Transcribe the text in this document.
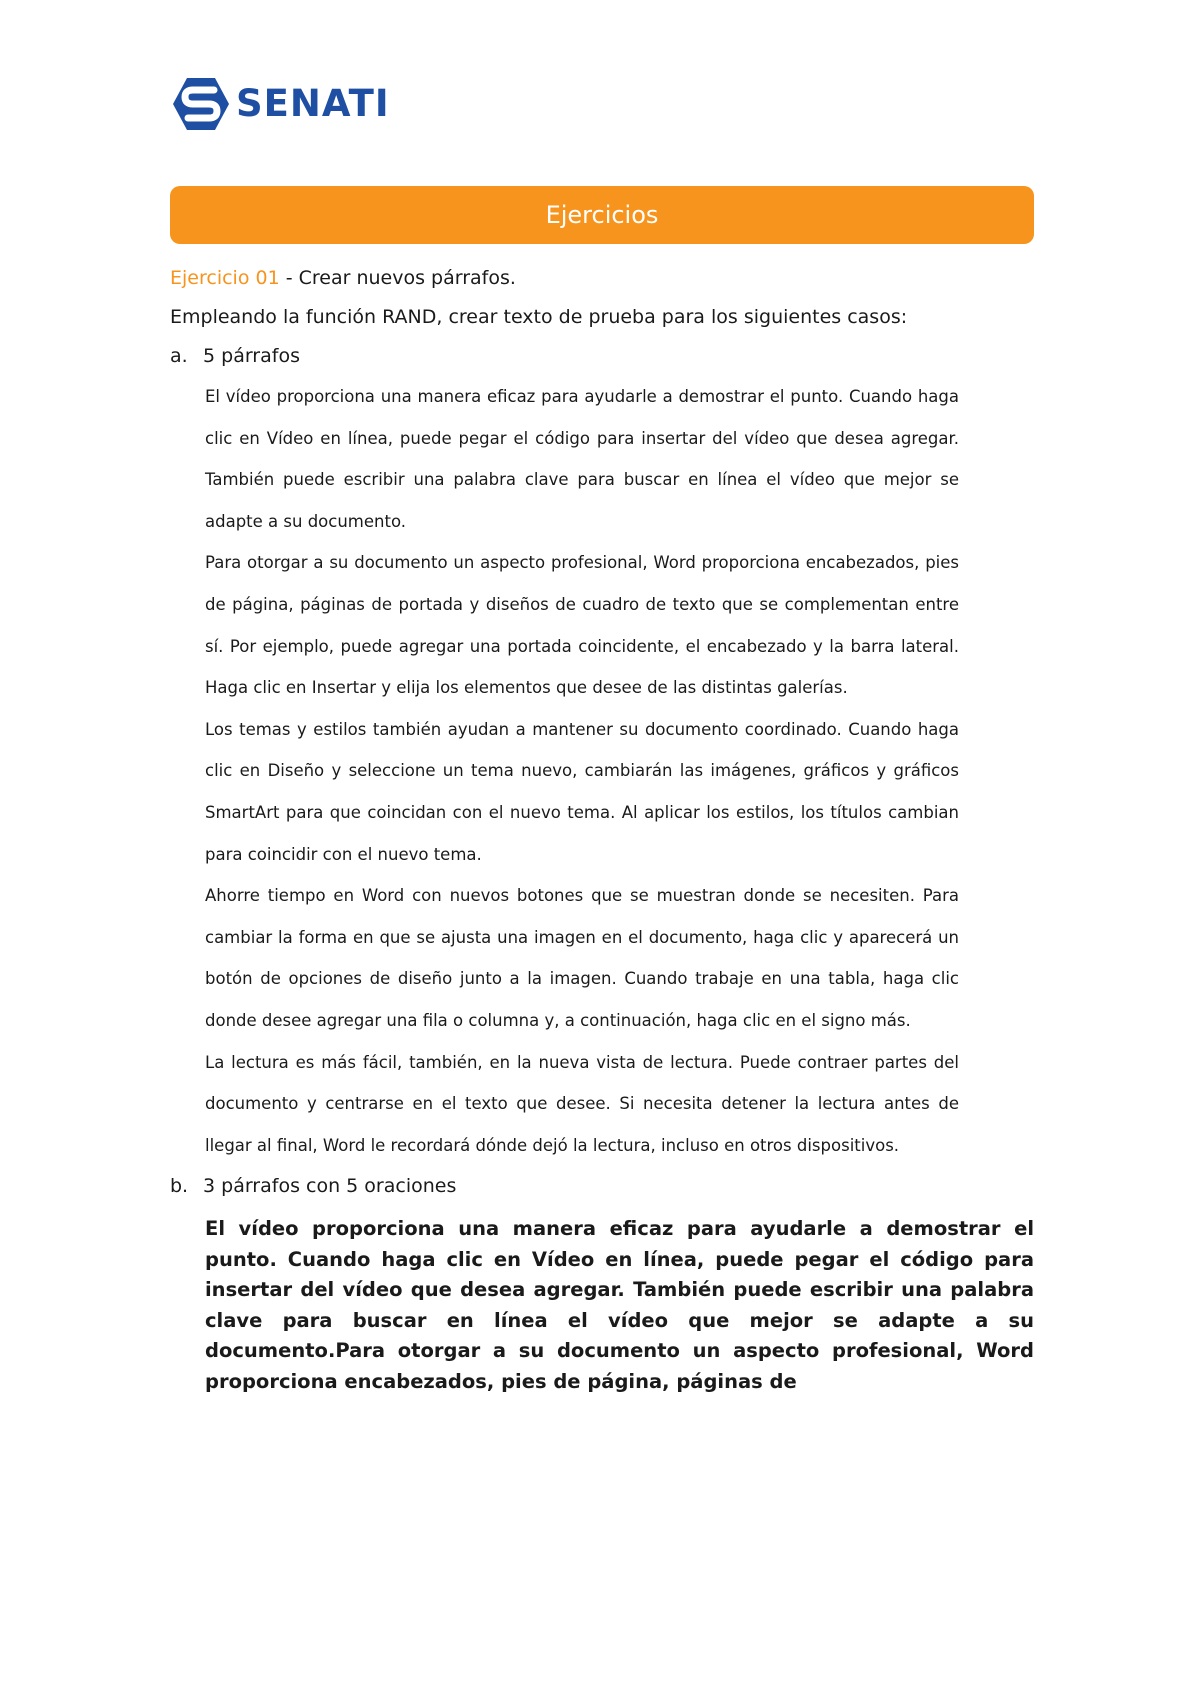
SENATI
Ejercicios

Ejercicio 01 - Crear nuevos párrafos.

Empleando la función RAND, crear texto de prueba para los siguientes casos:

a. 5 párrafos

El vídeo proporciona una manera eficaz para ayudarle a demostrar el punto. Cuando haga clic en Vídeo en línea, puede pegar el código para insertar del vídeo que desea agregar. También puede escribir una palabra clave para buscar en línea el vídeo que mejor se adapte a su documento.

Para otorgar a su documento un aspecto profesional, Word proporciona encabezados, pies de página, páginas de portada y diseños de cuadro de texto que se complementan entre sí. Por ejemplo, puede agregar una portada coincidente, el encabezado y la barra lateral. Haga clic en Insertar y elija los elementos que desee de las distintas galerías.

Los temas y estilos también ayudan a mantener su documento coordinado. Cuando haga clic en Diseño y seleccione un tema nuevo, cambiarán las imágenes, gráficos y gráficos SmartArt para que coincidan con el nuevo tema. Al aplicar los estilos, los títulos cambian para coincidir con el nuevo tema.

Ahorre tiempo en Word con nuevos botones que se muestran donde se necesiten. Para cambiar la forma en que se ajusta una imagen en el documento, haga clic y aparecerá un botón de opciones de diseño junto a la imagen. Cuando trabaje en una tabla, haga clic donde desee agregar una fila o columna y, a continuación, haga clic en el signo más.

La lectura es más fácil, también, en la nueva vista de lectura. Puede contraer partes del documento y centrarse en el texto que desee. Si necesita detener la lectura antes de llegar al final, Word le recordará dónde dejó la lectura, incluso en otros dispositivos.

b. 3 párrafos con 5 oraciones

El vídeo proporciona una manera eficaz para ayudarle a demostrar el punto. Cuando haga clic en Vídeo en línea, puede pegar el código para insertar del vídeo que desea agregar. También puede escribir una palabra clave para buscar en línea el vídeo que mejor se adapte a su documento.Para otorgar a su documento un aspecto profesional, Word proporciona encabezados, pies de página, páginas de
